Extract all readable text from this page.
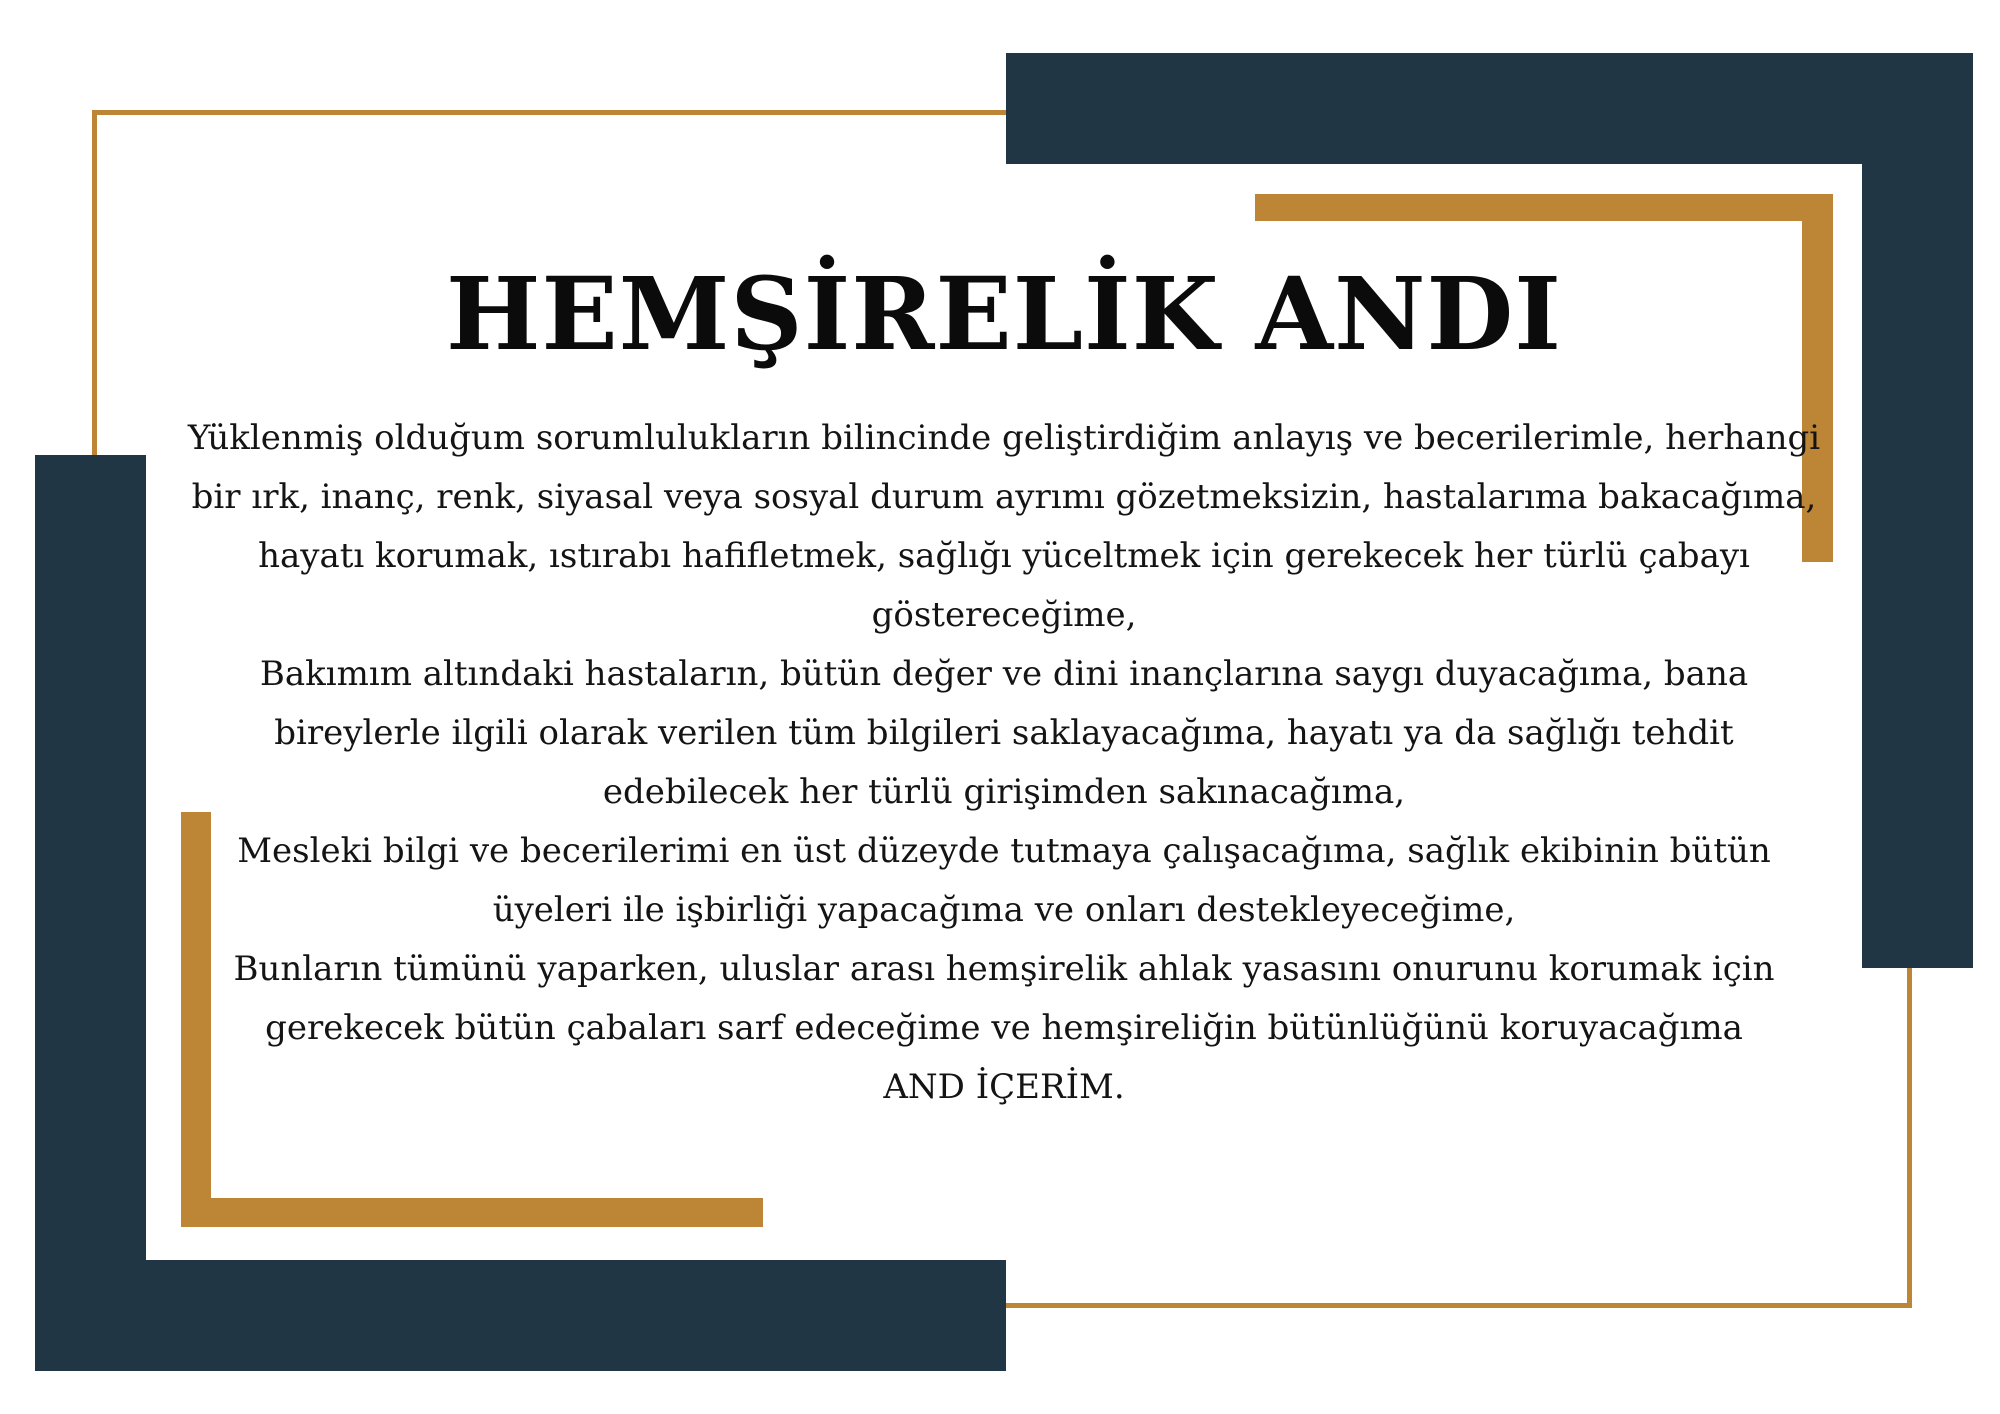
HEMŞİRELİK ANDI

Yüklenmiş olduğum sorumlulukların bilincinde geliştirdiğim anlayış ve becerilerimle, herhangi bir ırk, inanç, renk, siyasal veya sosyal durum ayrımı gözetmeksizin, hastalarıma bakacağıma, hayatı korumak, ıstırabı hafifletmek, sağlığı yüceltmek için gerekecek her türlü çabayı göstereceğime,

Bakımım altındaki hastaların, bütün değer ve dini inançlarına saygı duyacağıma, bana bireylerle ilgili olarak verilen tüm bilgileri saklayacağıma, hayatı ya da sağlığı tehdit edebilecek her türlü girişimden sakınacağıma,

Mesleki bilgi ve becerilerimi en üst düzeyde tutmaya çalışacağıma, sağlık ekibinin bütün üyeleri ile işbirliği yapacağıma ve onları destekleyeceğime,

Bunların tümünü yaparken, uluslar arası hemşirelik ahlak yasasını onurunu korumak için gerekecek bütün çabaları sarf edeceğime ve hemşireliğin bütünlüğünü koruyacağıma

AND İÇERİM.
